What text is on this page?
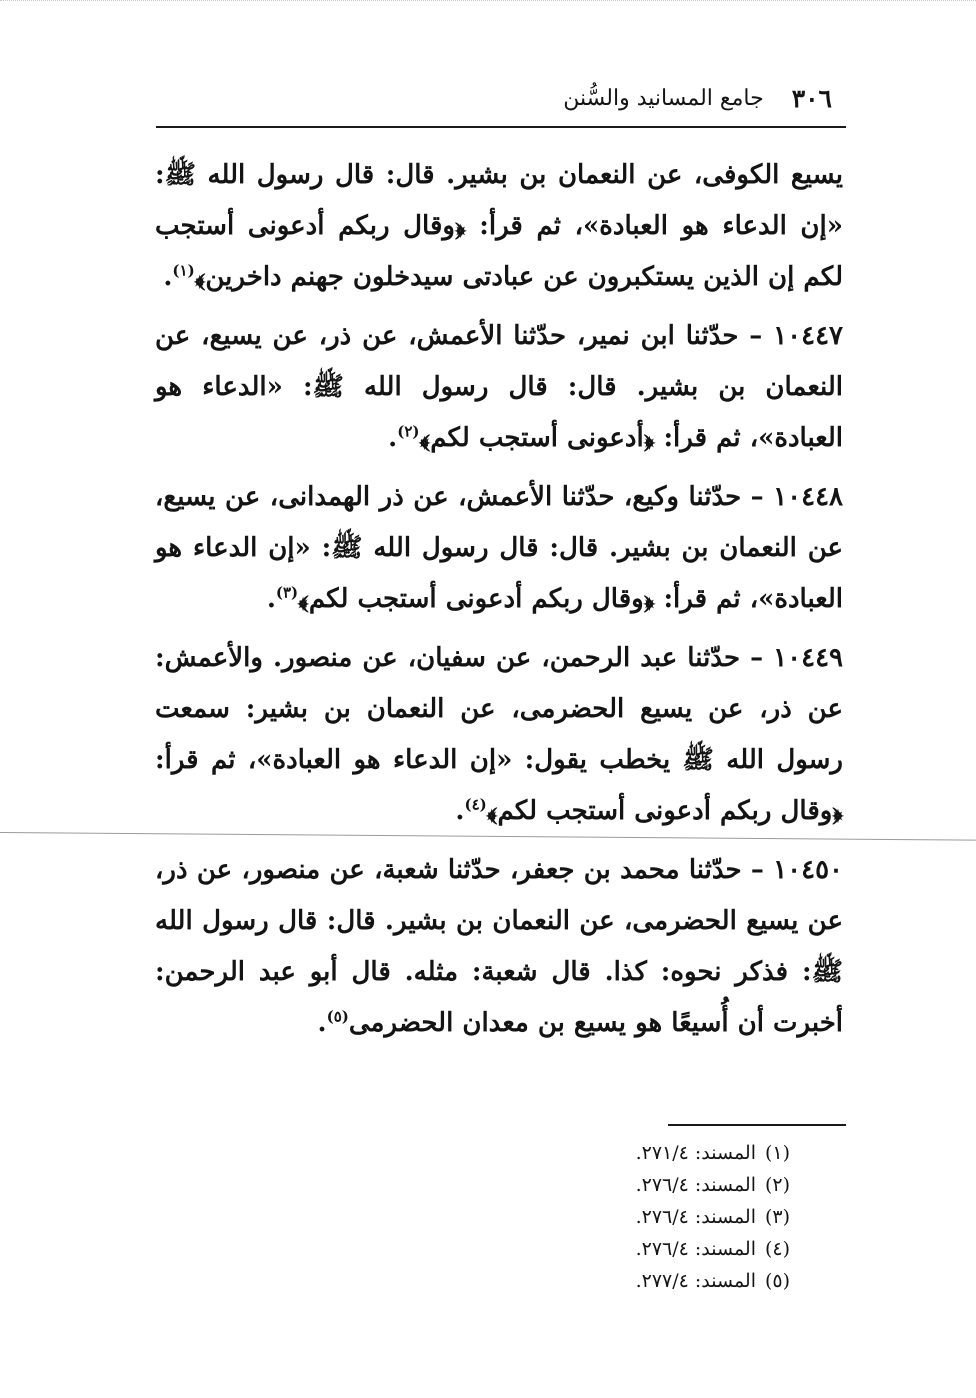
٣٠٦
جامع المسانيد والسُّنن

يسيع الكوفى، عن النعمان بن بشير. قال: قال رسول الله ﷺ: «إن الدعاء هو العبادة»، ثم قرأ: ﴿وقال ربكم أدعونى أستجب لكم إن الذين يستكبرون عن عبادتى سيدخلون جهنم داخرين﴾$^{(١)}$.

١٠٤٤٧ – حدّثنا ابن نمير، حدّثنا الأعمش، عن ذر، عن يسيع، عن النعمان بن بشير. قال: قال رسول الله ﷺ: «الدعاء هو العبادة»، ثم قرأ: ﴿أدعونى أستجب لكم﴾$^{(٢)}$.

١٠٤٤٨ – حدّثنا وكيع، حدّثنا الأعمش، عن ذر الهمدانى، عن يسيع، عن النعمان بن بشير. قال: قال رسول الله ﷺ: «إن الدعاء هو العبادة»، ثم قرأ: ﴿وقال ربكم أدعونى أستجب لكم﴾$^{(٣)}$.

١٠٤٤٩ – حدّثنا عبد الرحمن، عن سفيان، عن منصور. والأعمش: عن ذر، عن يسيع الحضرمى، عن النعمان بن بشير: سمعت رسول الله ﷺ يخطب يقول: «إن الدعاء هو العبادة»، ثم قرأ: ﴿وقال ربكم أدعونى أستجب لكم﴾$^{(٤)}$.

١٠٤٥٠ – حدّثنا محمد بن جعفر، حدّثنا شعبة، عن منصور، عن ذر، عن يسيع الحضرمى، عن النعمان بن بشير. قال: قال رسول الله ﷺ: فذكر نحوه: كذا. قال شعبة: مثله. قال أبو عبد الرحمن: أخبرت أن أُسيعًا هو يسيع بن معدان الحضرمى$^{(٥)}$.

(١)
المسند: ٢٧١/٤.
(٢)
المسند: ٢٧٦/٤.
(٣)
المسند: ٢٧٦/٤.
(٤)
المسند: ٢٧٦/٤.
(٥)
المسند: ٢٧٧/٤.
